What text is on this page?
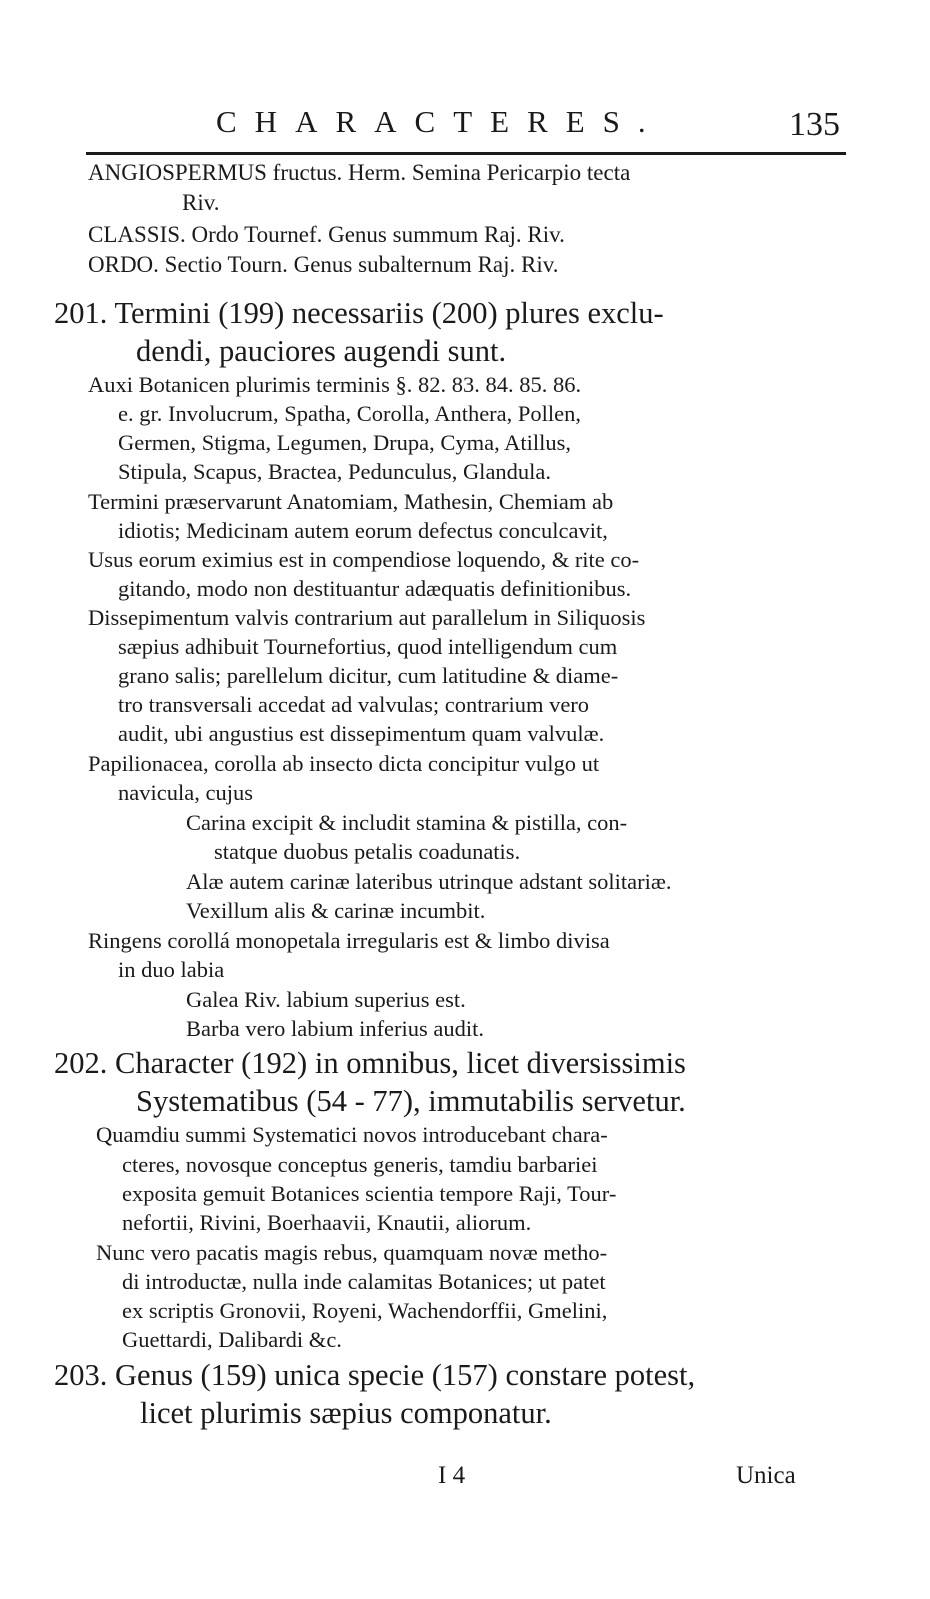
CHARACTERES.	135
ANGIOSPERMUS fructus. Herm. Semina Pericarpio tecta
Riv.
CLASSIS. Ordo Tournef. Genus summum Raj. Riv.
ORDO. Sectio Tourn. Genus subalternum Raj. Riv.
201. Termini (199) necessariis (200) plures exclu-
dendi, pauciores augendi sunt.
Auxi Botanicen plurimis terminis §. 82. 83. 84. 85. 86.
e. gr. Involucrum, Spatha, Corolla, Anthera, Pollen,
Germen, Stigma, Legumen, Drupa, Cyma, Atillus,
Stipula, Scapus, Bractea, Pedunculus, Glandula.
Termini præservarunt Anatomiam, Mathesin, Chemiam ab
idiotis; Medicinam autem eorum defectus conculcavit,
Usus eorum eximius est in compendiose loquendo, & rite co-
gitando, modo non destituantur adæquatis definitionibus.
Dissepimentum valvis contrarium aut parallelum in Siliquosis
sæpius adhibuit Tournefortius, quod intelligendum cum
grano salis; parellelum dicitur, cum latitudine & diame-
tro transversali accedat ad valvulas; contrarium vero
audit, ubi angustius est dissepimentum quam valvulæ.
Papilionacea, corolla ab insecto dicta concipitur vulgo ut
navicula, cujus
Carina excipit & includit stamina & pistilla, con-
statque duobus petalis coadunatis.
Alæ autem carinæ lateribus utrinque adstant solitariæ.
Vexillum alis & carinæ incumbit.
Ringens corollá monopetala irregularis est & limbo divisa
in duo labia
Galea Riv. labium superius est.
Barba vero labium inferius audit.
202. Character (192) in omnibus, licet diversissimis
Systematibus (54 - 77), immutabilis servetur.
Quamdiu summi Systematici novos introducebant chara-
cteres, novosque conceptus generis, tamdiu barbariei
exposita gemuit Botanices scientia tempore Raji, Tour-
nefortii, Rivini, Boerhaavii, Knautii, aliorum.
Nunc vero pacatis magis rebus, quamquam novæ metho-
di introductæ, nulla inde calamitas Botanices; ut patet
ex scriptis Gronovii, Royeni, Wachendorffii, Gmelini,
Guettardi, Dalibardi &c.
203. Genus (159) unica specie (157) constare potest,
licet plurimis sæpius componatur.
I 4	Unica
